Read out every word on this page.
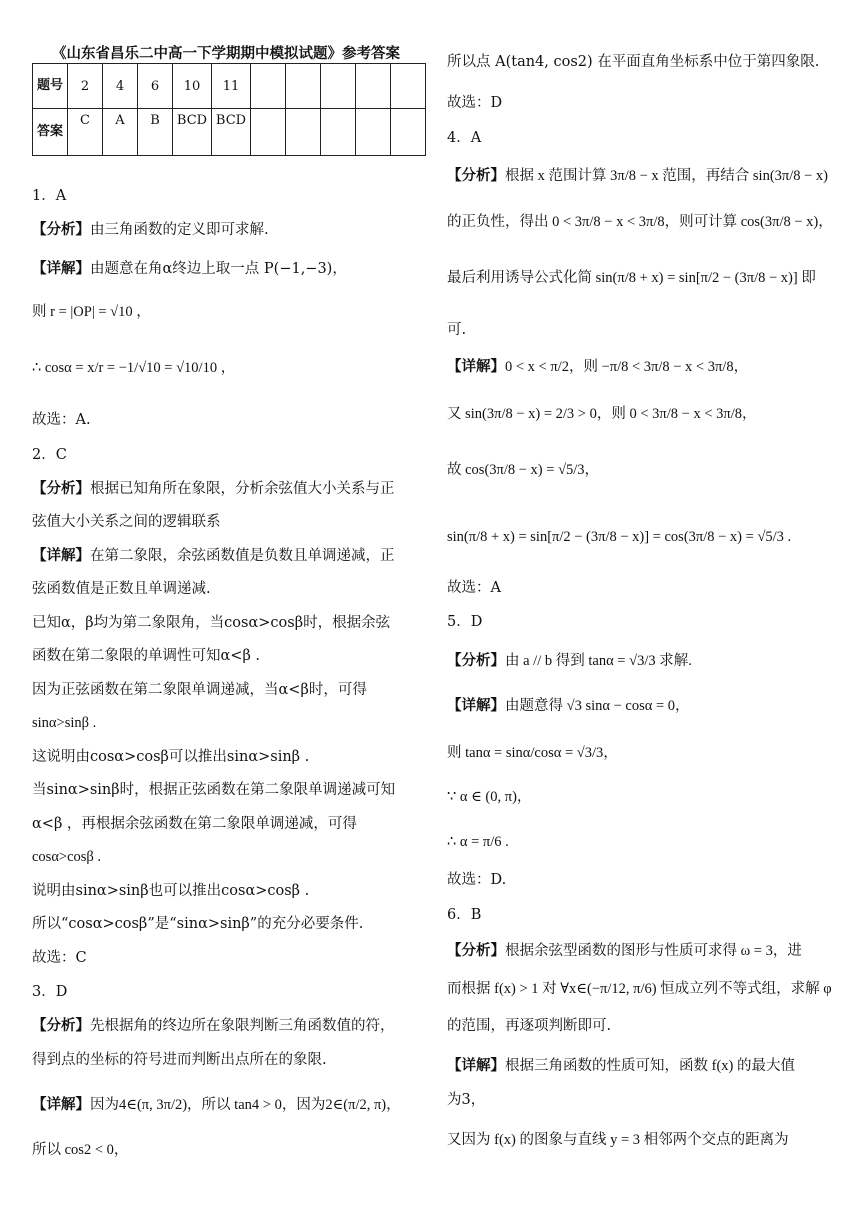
《山东省昌乐二中高一下学期期中模拟试题》参考答案
题号	2	4	6	10	11					
答案	C	A	B	BCD	BCD					
1．A
【分析】由三角函数的定义即可求解.
【详解】由题意在角α终边上取一点 P(−1,−3)，
则 r = |OP| = √10 ，
∴ cosα = x/r = −1/√10 = √10/10 ，
故选：A.
2．C
【分析】根据已知角所在象限，分析余弦值大小关系与正
弦值大小关系之间的逻辑联系
【详解】在第二象限，余弦函数值是负数且单调递减，正
弦函数值是正数且单调递减.
已知α，β均为第二象限角，当cosα>cosβ时，根据余弦
函数在第二象限的单调性可知α<β .
因为正弦函数在第二象限单调递减，当α<β时，可得
sinα>sinβ .
这说明由cosα>cosβ可以推出sinα>sinβ .
当sinα>sinβ时，根据正弦函数在第二象限单调递减可知
α<β ，再根据余弦函数在第二象限单调递减，可得
cosα>cosβ .
说明由sinα>sinβ也可以推出cosα>cosβ .
所以“cosα>cosβ”是“sinα>sinβ”的充分必要条件.
故选：C
3．D
【分析】先根据角的终边所在象限判断三角函数值的符，
得到点的坐标的符号进而判断出点所在的象限.
【详解】因为4∈(π, 3π/2)，所以 tan4 > 0，因为2∈(π/2, π)，
所以 cos2 < 0，
所以点 A(tan4, cos2) 在平面直角坐标系中位于第四象限.
故选：D
4．A
【分析】根据 x 范围计算 3π/8 − x 范围，再结合 sin(3π/8 − x)
的正负性，得出 0 < 3π/8 − x < 3π/8，则可计算 cos(3π/8 − x)，
最后利用诱导公式化简 sin(π/8 + x) = sin[π/2 − (3π/8 − x)] 即
可.
【详解】0 < x < π/2，则 −π/8 < 3π/8 − x < 3π/8，
又 sin(3π/8 − x) = 2/3 > 0，则 0 < 3π/8 − x < 3π/8，
故 cos(3π/8 − x) = √5/3，
sin(π/8 + x) = sin[π/2 − (3π/8 − x)] = cos(3π/8 − x) = √5/3 .
故选：A
5．D
【分析】由 a // b 得到 tanα = √3/3 求解.
【详解】由题意得 √3 sinα − cosα = 0，
则 tanα = sinα/cosα = √3/3，
∵ α ∈ (0, π)，
∴ α = π/6 .
故选：D.
6．B
【分析】根据余弦型函数的图形与性质可求得 ω = 3，进
而根据 f(x) > 1 对 ∀x∈(−π/12, π/6) 恒成立列不等式组，求解 φ
的范围，再逐项判断即可.
【详解】根据三角函数的性质可知，函数 f(x) 的最大值
为3，
又因为 f(x) 的图象与直线 y = 3 相邻两个交点的距离为
